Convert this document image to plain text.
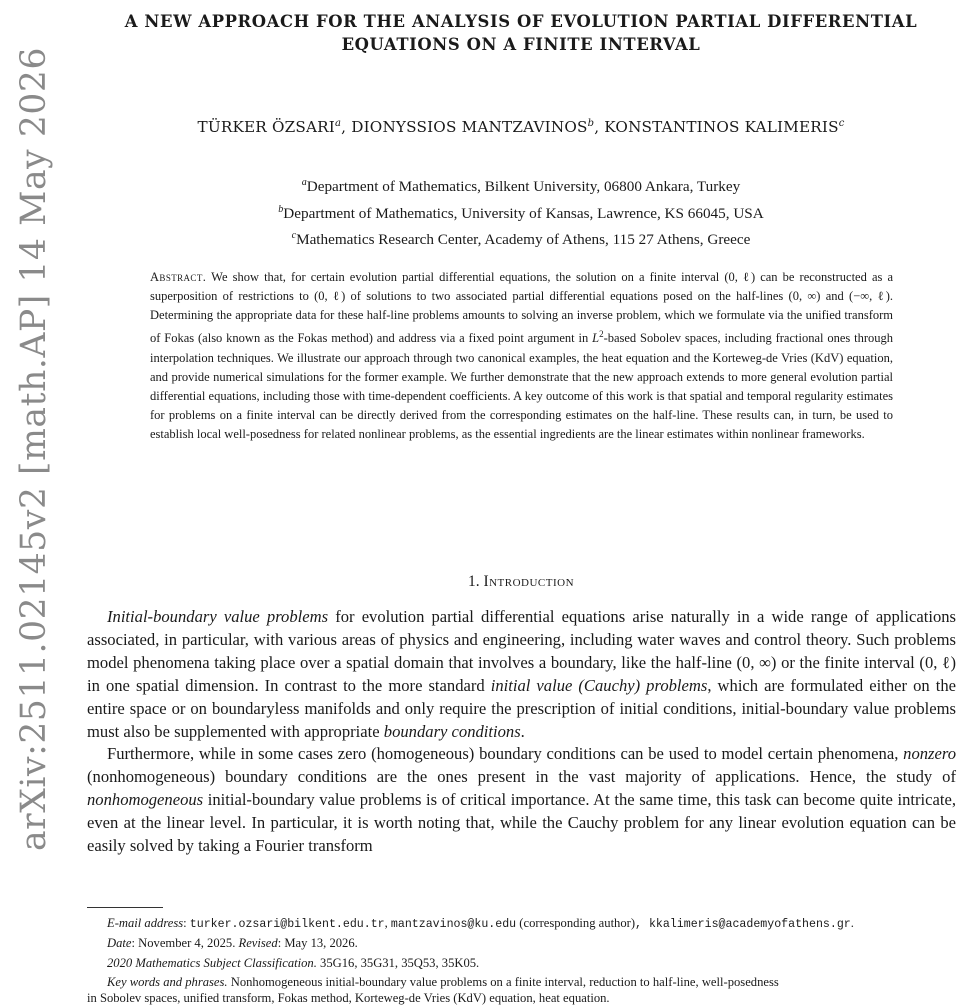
arXiv:2511.02145v2 [math.AP] 14 May 2026
A NEW APPROACH FOR THE ANALYSIS OF EVOLUTION PARTIAL DIFFERENTIAL
EQUATIONS ON A FINITE INTERVAL
TÜRKER ÖZSARI$^a$, DIONYSSIOS MANTZAVINOS$^b$, KONSTANTINOS KALIMERIS$^c$
$^a$Department of Mathematics, Bilkent University, 06800 Ankara, Turkey
$^b$Department of Mathematics, University of Kansas, Lawrence, KS 66045, USA
$^c$Mathematics Research Center, Academy of Athens, 115 27 Athens, Greece
Abstract. We show that, for certain evolution partial differential equations, the solution on a finite interval (0, ℓ) can be reconstructed as a superposition of restrictions to (0, ℓ) of solutions to two associated partial differential equations posed on the half-lines (0, ∞) and (−∞, ℓ). Determining the appropriate data for these half-line problems amounts to solving an inverse problem, which we formulate via the unified transform of Fokas (also known as the Fokas method) and address via a fixed point argument in $L^2$-based Sobolev spaces, including fractional ones through interpolation techniques. We illustrate our approach through two canonical examples, the heat equation and the Korteweg-de Vries (KdV) equation, and provide numerical simulations for the former example. We further demonstrate that the new approach extends to more general evolution partial differential equations, including those with time-dependent coefficients. A key outcome of this work is that spatial and temporal regularity estimates for problems on a finite interval can be directly derived from the corresponding estimates on the half-line. These results can, in turn, be used to establish local well-posedness for related nonlinear problems, as the essential ingredients are the linear estimates within nonlinear frameworks.
1. Introduction

Initial-boundary value problems for evolution partial differential equations arise naturally in a wide range of applications associated, in particular, with various areas of physics and engineering, including water waves and control theory. Such problems model phenomena taking place over a spatial domain that involves a boundary, like the half-line (0, ∞) or the finite interval (0, ℓ) in one spatial dimension. In contrast to the more standard initial value (Cauchy) problems, which are formulated either on the entire space or on boundaryless manifolds and only require the prescription of initial conditions, initial-boundary value problems must also be supplemented with appropriate boundary conditions.

Furthermore, while in some cases zero (homogeneous) boundary conditions can be used to model certain phenomena, nonzero (nonhomogeneous) boundary conditions are the ones present in the vast majority of applications. Hence, the study of nonhomogeneous initial-boundary value problems is of critical importance. At the same time, this task can become quite intricate, even at the linear level. In particular, it is worth noting that, while the Cauchy problem for any linear evolution equation can be easily solved by taking a Fourier transform

E-mail address: turker.ozsari@bilkent.edu.tr, mantzavinos@ku.edu (corresponding author), kkalimeris@academyofathens.gr.
Date: November 4, 2025. Revised: May 13, 2026.
2020 Mathematics Subject Classification. 35G16, 35G31, 35Q53, 35K05.
Key words and phrases. Nonhomogeneous initial-boundary value problems on a finite interval, reduction to half-line, well-posedness
in Sobolev spaces, unified transform, Fokas method, Korteweg-de Vries (KdV) equation, heat equation.
